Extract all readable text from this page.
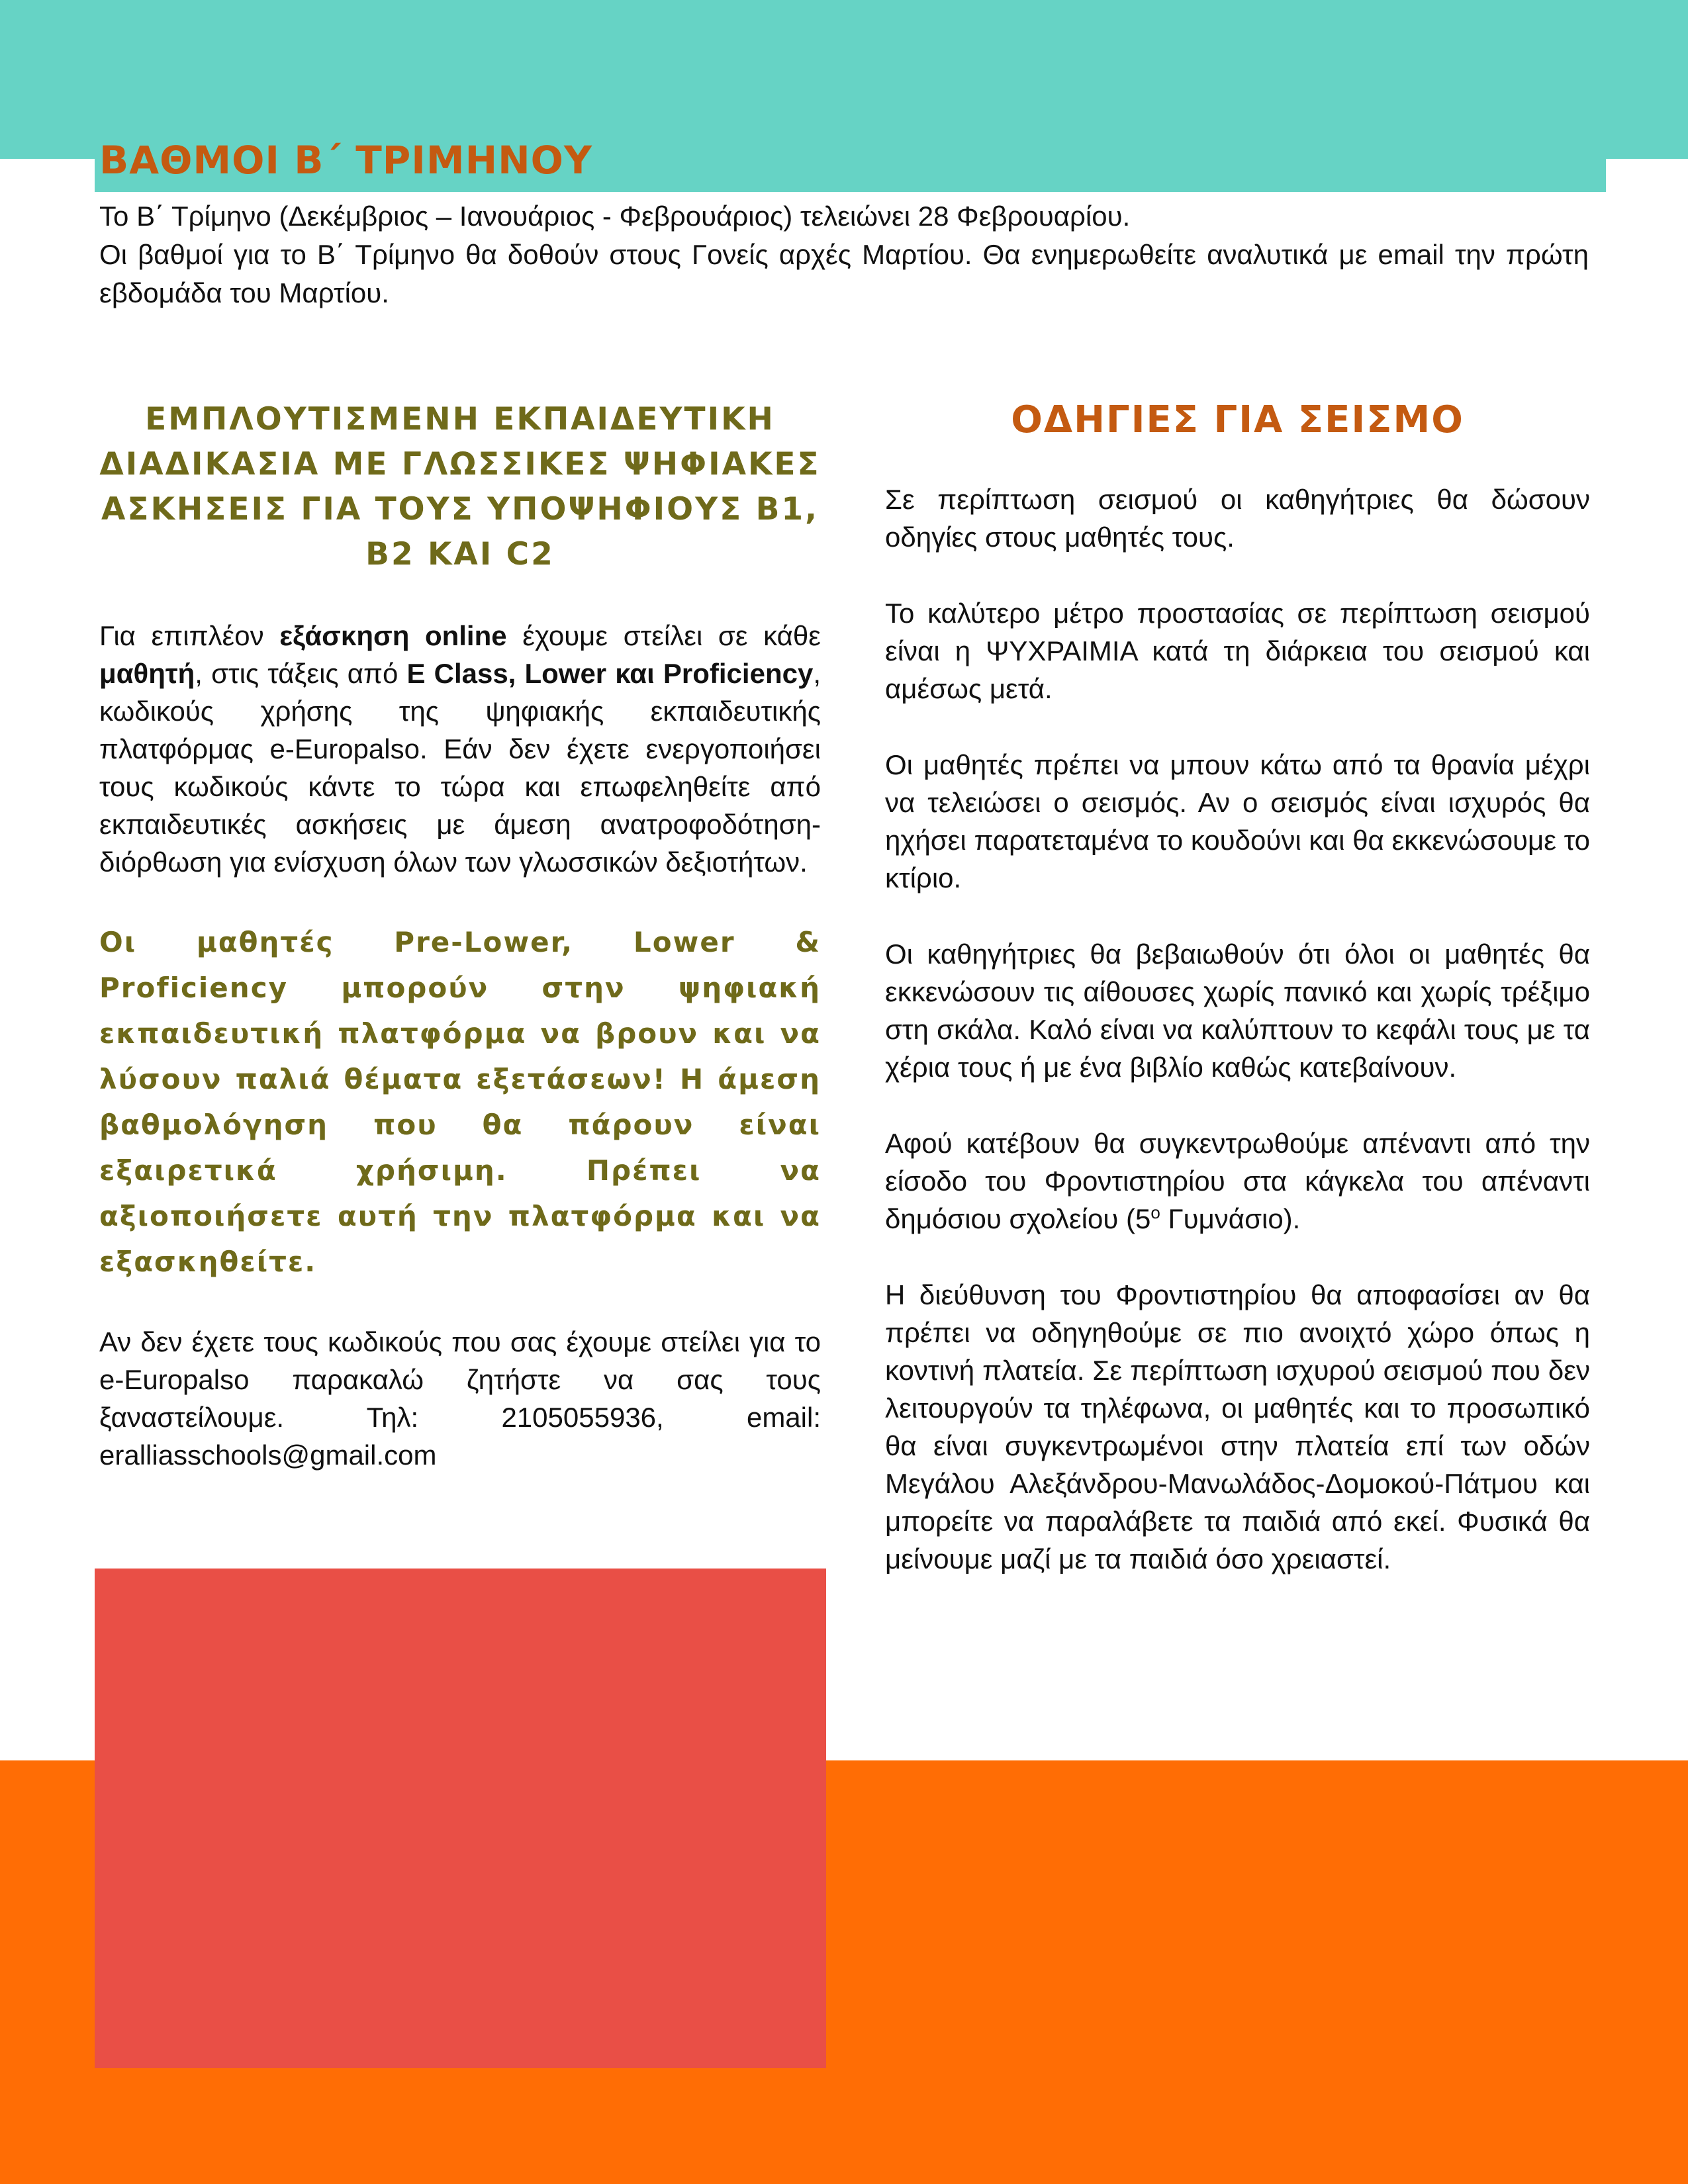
ΒΑΘΜΟΙ Β΄ ΤΡΙΜΗΝΟΥ

Το Β΄ Τρίμηνο (Δεκέμβριος – Ιανουάριος - Φεβρουάριος) τελειώνει 28 Φεβρουαρίου.

Οι βαθμοί για το Β΄ Τρίμηνο θα δοθούν στους Γονείς αρχές Μαρτίου. Θα ενημερωθείτε αναλυτικά με email την πρώτη εβδομάδα του Μαρτίου.

ΕΜΠΛΟΥΤΙΣΜΕΝΗ ΕΚΠΑΙΔΕΥΤΙΚΗ ΔΙΑΔΙΚΑΣΙΑ ΜΕ ΓΛΩΣΣΙΚΕΣ ΨΗΦΙΑΚΕΣ ΑΣΚΗΣΕΙΣ ΓΙΑ ΤΟΥΣ ΥΠΟΨΗΦΙΟΥΣ B1, B2 ΚΑΙ C2

Για επιπλέον εξάσκηση online έχουμε στείλει σε κάθε μαθητή, στις τάξεις από E Class, Lower και Proficiency, κωδικούς χρήσης της ψηφιακής εκπαιδευτικής πλατφόρμας e-Europalso. Εάν δεν έχετε ενεργοποιήσει τους κωδικούς κάντε το τώρα και επωφεληθείτε από εκπαιδευτικές ασκήσεις με άμεση ανατροφοδότηση-διόρθωση για ενίσχυση όλων των γλωσσικών δεξιοτήτων.

Οι μαθητές Pre-Lower, Lower & Proficiency μπορούν στην ψηφιακή εκπαιδευτική πλατφόρμα να βρουν και να λύσουν παλιά θέματα εξετάσεων! Η άμεση βαθμολόγηση που θα πάρουν είναι εξαιρετικά χρήσιμη. Πρέπει να αξιοποιήσετε αυτή την πλατφόρμα και να εξασκηθείτε.

Αν δεν έχετε τους κωδικούς που σας έχουμε στείλει για το e-Europalso παρακαλώ ζητήστε να σας τους ξαναστείλουμε. Τηλ: 2105055936, email: eralliasschools@gmail.com

ΟΔΗΓΙΕΣ ΓΙΑ ΣΕΙΣΜΟ

Σε περίπτωση σεισμού οι καθηγήτριες θα δώσουν οδηγίες στους μαθητές τους.

Το καλύτερο μέτρο προστασίας σε περίπτωση σεισμού είναι η ΨΥΧΡΑΙΜΙΑ κατά τη διάρκεια του σεισμού και αμέσως μετά.

Οι μαθητές πρέπει να μπουν κάτω από τα θρανία μέχρι να τελειώσει ο σεισμός. Αν ο σεισμός είναι ισχυρός θα ηχήσει παρατεταμένα το κουδούνι και θα εκκενώσουμε το κτίριο.

Οι καθηγήτριες θα βεβαιωθούν ότι όλοι οι μαθητές θα εκκενώσουν τις αίθουσες χωρίς πανικό και χωρίς τρέξιμο στη σκάλα. Καλό είναι να καλύπτουν το κεφάλι τους με τα χέρια τους ή με ένα βιβλίο καθώς κατεβαίνουν.

Αφού κατέβουν θα συγκεντρωθούμε απέναντι από την είσοδο του Φροντιστηρίου στα κάγκελα του απέναντι δημόσιου σχολείου ($5^o$ Γυμνάσιο).

Η διεύθυνση του Φροντιστηρίου θα αποφασίσει αν θα πρέπει να οδηγηθούμε σε πιο ανοιχτό χώρο όπως η κοντινή πλατεία. Σε περίπτωση ισχυρού σεισμού που δεν λειτουργούν τα τηλέφωνα, οι μαθητές και το προσωπικό θα είναι συγκεντρωμένοι στην πλατεία επί των οδών Μεγάλου Αλεξάνδρου-Μανωλάδος-Δομοκού-Πάτμου και μπορείτε να παραλάβετε τα παιδιά από εκεί. Φυσικά θα μείνουμε μαζί με τα παιδιά όσο χρειαστεί.
